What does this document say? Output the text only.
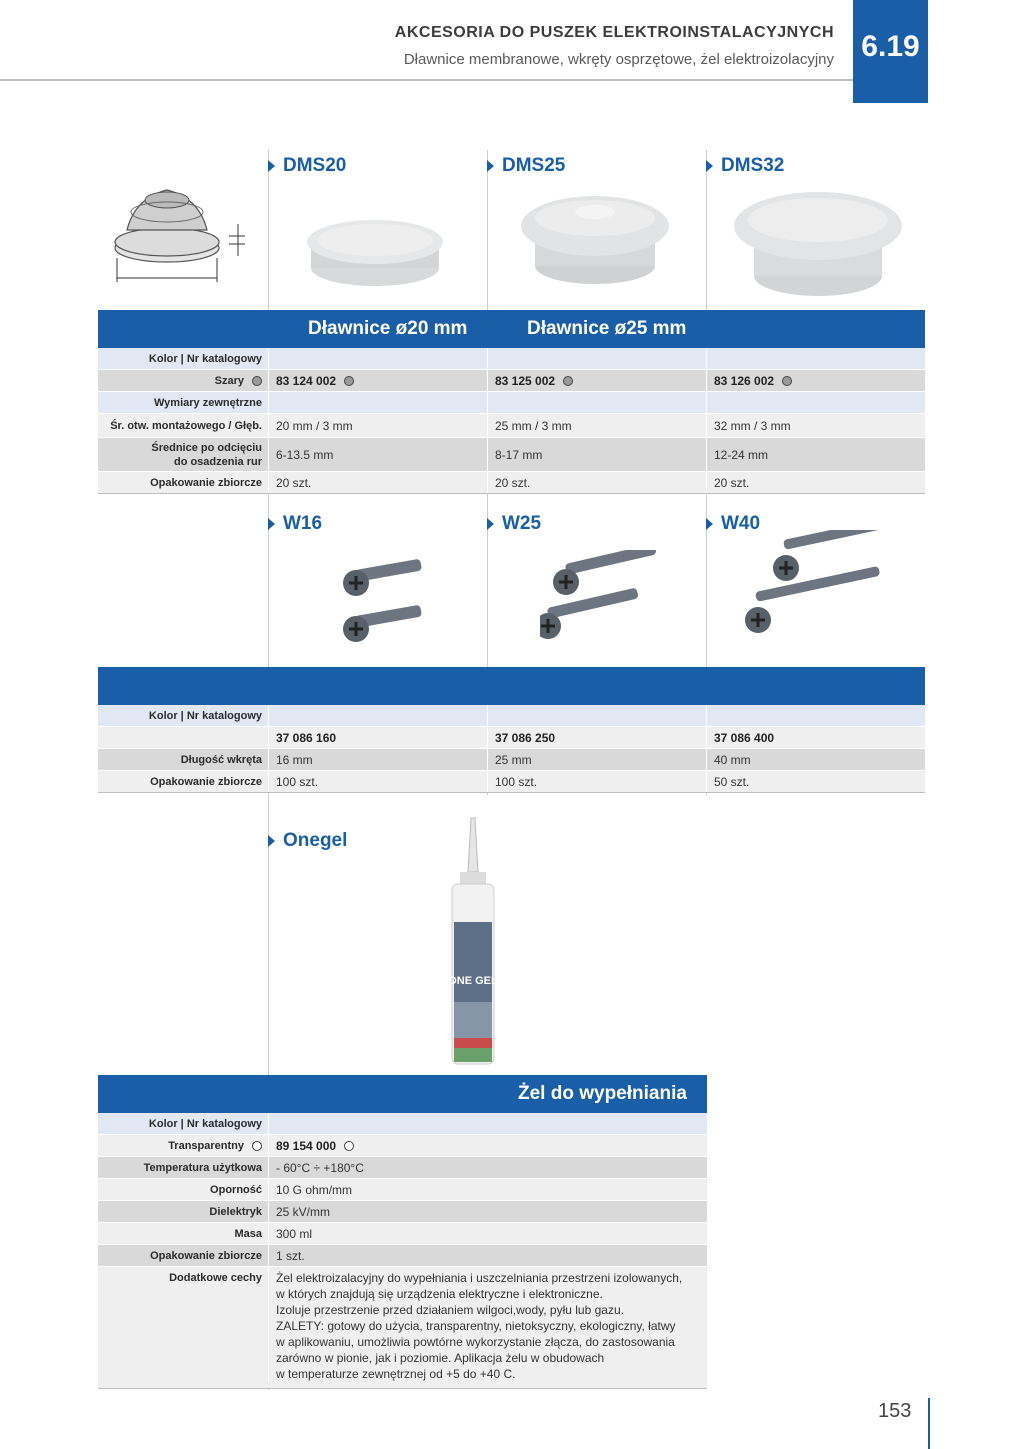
AKCESORIA DO PUSZEK ELEKTROINSTALACYJNYCH
Dławnice membranowe, wkręty osprzętowe, żel elektroizolacyjny 6.19
DMS20	DMS25	DMS32
Dławnice ø20 mm	Dławnice ø25 mm
Kolor | Nr katalogowy
Szary	83 124 002	83 125 002	83 126 002
Wymiary zewnętrzne
Śr. otw. montażowego / Głęb.	20 mm / 3 mm	25 mm / 3 mm	32 mm / 3 mm
Średnice po odcięciu
do osadzenia rur	6-13.5 mm	8-17 mm	12-24 mm
Opakowanie zbiorcze	20 szt.	20 szt.	20 szt.
W16	W25	W40
Kolor | Nr katalogowy
37 086 160	37 086 250	37 086 400
Długość wkręta	16 mm	25 mm	40 mm
Opakowanie zbiorcze	100 szt.	100 szt.	50 szt.
Onegel
ONE GEL
Żel do wypełniania
Kolor | Nr katalogowy
Transparentny	89 154 000
Temperatura użytkowa	- 60°C ÷ +180°C
Oporność	10 G ohm/mm
Dielektryk	25 kV/mm
Masa	300 ml
Opakowanie zbiorcze	1 szt.
Dodatkowe cechy	Żel elektroizalacyjny do wypełniania i uszczelniania przestrzeni izolowanych,
w których znajdują się urządzenia elektryczne i elektroniczne.
Izoluje przestrzenie przed działaniem wilgoci,wody, pyłu lub gazu.
ZALETY: gotowy do użycia, transparentny, nietoksyczny, ekologiczny, łatwy
w aplikowaniu, umożliwia powtórne wykorzystanie złącza, do zastosowania
zarówno w pionie, jak i poziomie. Aplikacja żelu w obudowach
w temperaturze zewnętrznej od +5 do +40 C.
153
